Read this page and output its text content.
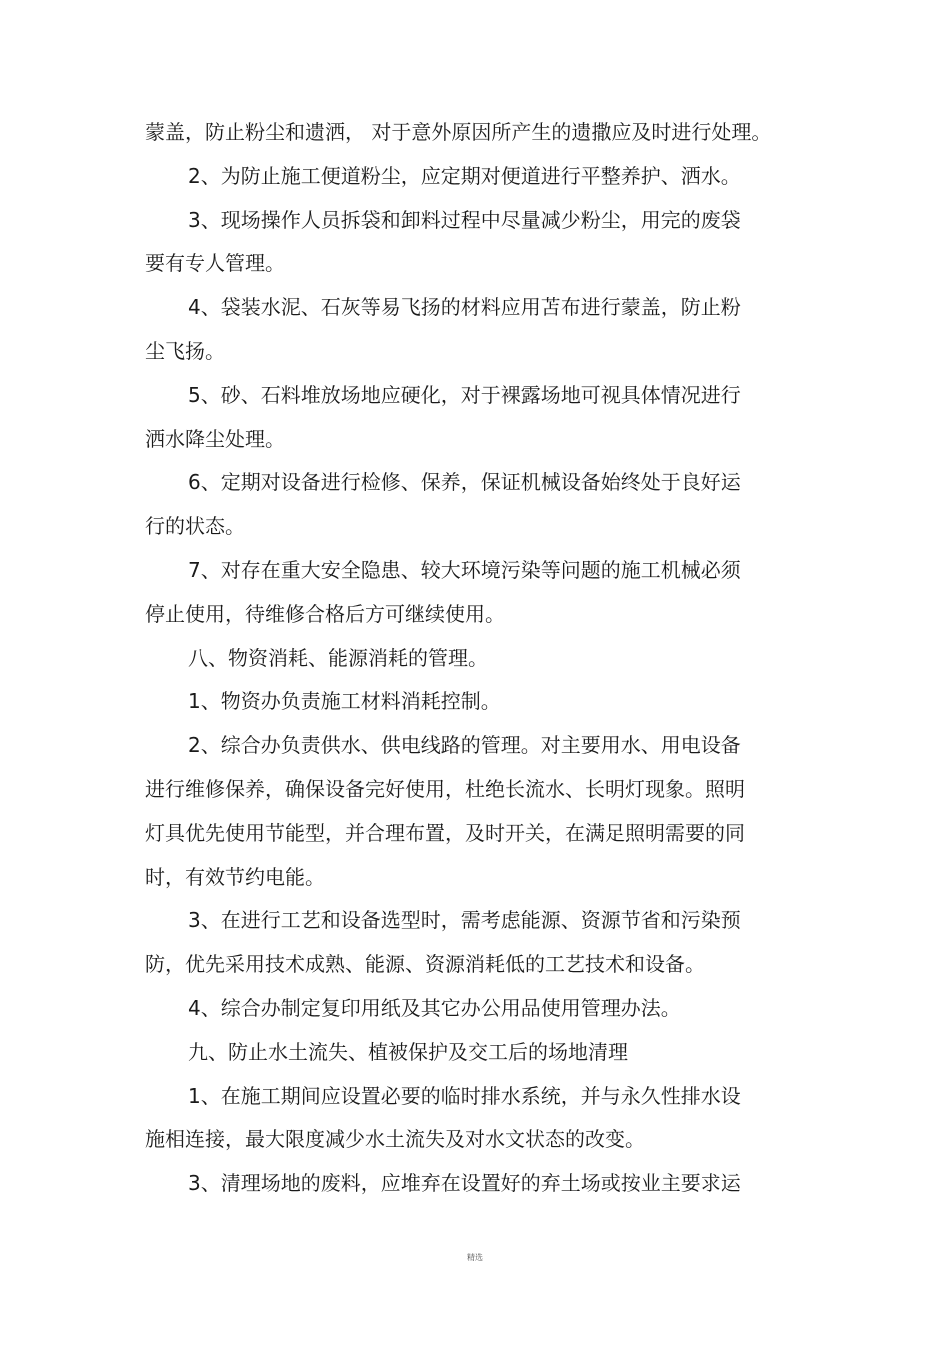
蒙盖，防止粉尘和遗洒， 对于意外原因所产生的遗撒应及时进行处理。
2、为防止施工便道粉尘，应定期对便道进行平整养护、洒水。
3、现场操作人员拆袋和卸料过程中尽量减少粉尘，用完的废袋
要有专人管理。
4、袋装水泥、石灰等易飞扬的材料应用苫布进行蒙盖，防止粉
尘飞扬。
5、砂、石料堆放场地应硬化，对于裸露场地可视具体情况进行
洒水降尘处理。
6、定期对设备进行检修、保养，保证机械设备始终处于良好运
行的状态。
7、对存在重大安全隐患、较大环境污染等问题的施工机械必须
停止使用，待维修合格后方可继续使用。
八、物资消耗、能源消耗的管理。
1、物资办负责施工材料消耗控制。
2、综合办负责供水、供电线路的管理。对主要用水、用电设备
进行维修保养，确保设备完好使用，杜绝长流水、长明灯现象。照明
灯具优先使用节能型，并合理布置，及时开关，在满足照明需要的同
时，有效节约电能。
3、在进行工艺和设备选型时，需考虑能源、资源节省和污染预
防，优先采用技术成熟、能源、资源消耗低的工艺技术和设备。
4、综合办制定复印用纸及其它办公用品使用管理办法。
九、防止水土流失、植被保护及交工后的场地清理
1、在施工期间应设置必要的临时排水系统，并与永久性排水设
施相连接，最大限度减少水土流失及对水文状态的改变。
3、清理场地的废料，应堆弃在设置好的弃土场或按业主要求运
精选
